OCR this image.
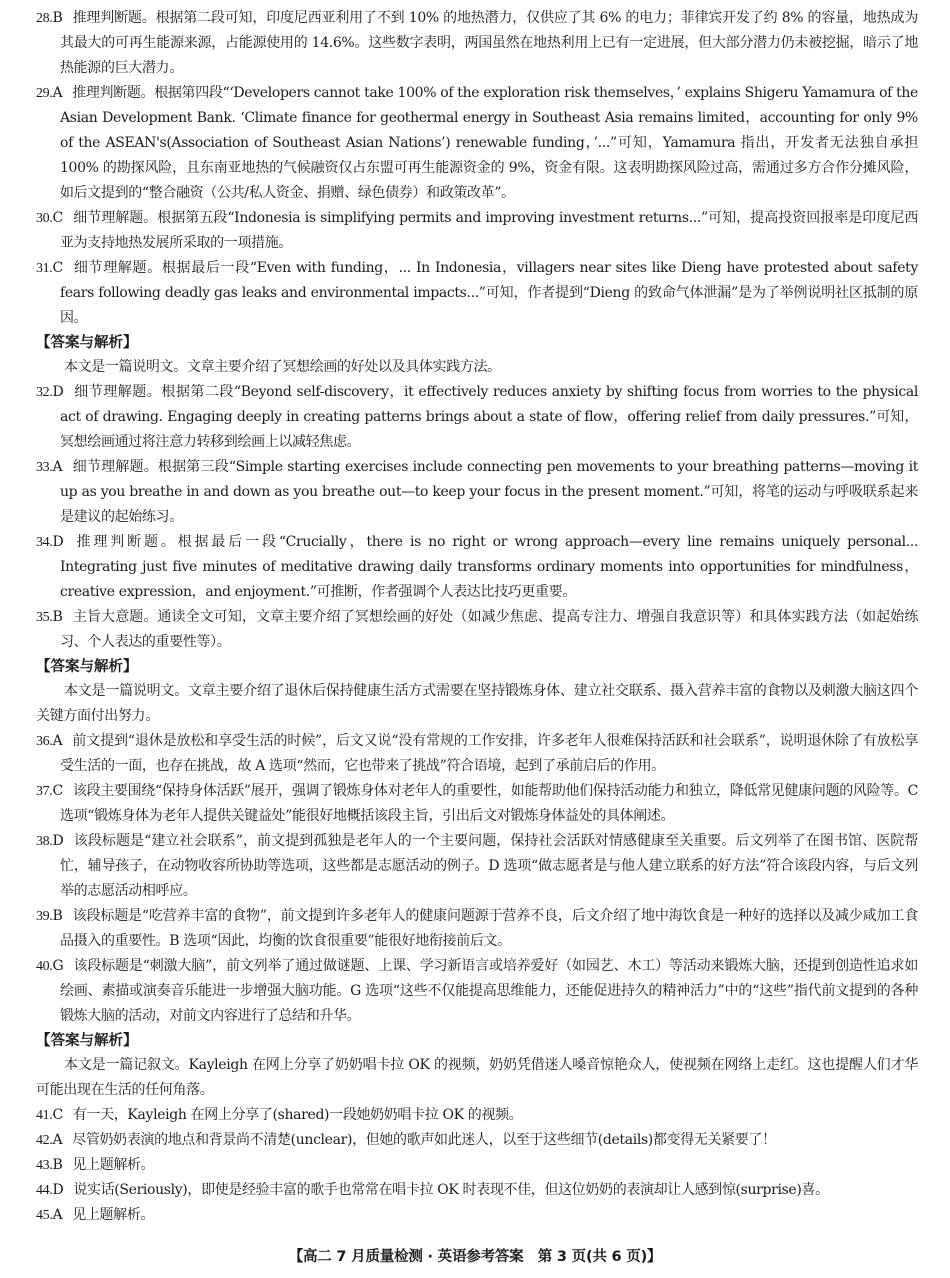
28.B 推理判断题。根据第二段可知，印度尼西亚利用了不到 10% 的地热潜力，仅供应了其 6% 的电力；菲律宾开发了约 8% 的容量，地热成为其最大的可再生能源来源，占能源使用的 14.6%。这些数字表明，两国虽然在地热利用上已有一定进展，但大部分潜力仍未被挖掘，暗示了地热能源的巨大潜力。

29.A 推理判断题。根据第四段“‘Developers cannot take 100% of the exploration risk themselves，’ explains Shigeru Yamamura of the Asian Development Bank. ‘Climate finance for geothermal energy in Southeast Asia remains limited，accounting for only 9% of the ASEAN's(Association of Southeast Asian Nations’) renewable funding，’...”可知，Yamamura 指出，开发者无法独自承担 100% 的勘探风险，且东南亚地热的气候融资仅占东盟可再生能源资金的 9%，资金有限。这表明勘探风险过高，需通过多方合作分摊风险，如后文提到的“整合融资（公共/私人资金、捐赠、绿色债券）和政策改革”。

30.C 细节理解题。根据第五段“Indonesia is simplifying permits and improving investment returns...”可知，提高投资回报率是印度尼西亚为支持地热发展所采取的一项措施。

31.C 细节理解题。根据最后一段“Even with funding，... In Indonesia，villagers near sites like Dieng have protested about safety fears following deadly gas leaks and environmental impacts...”可知，作者提到“Dieng 的致命气体泄漏”是为了举例说明社区抵制的原因。

【答案与解析】

本文是一篇说明文。文章主要介绍了冥想绘画的好处以及具体实践方法。

32.D 细节理解题。根据第二段“Beyond self-discovery，it effectively reduces anxiety by shifting focus from worries to the physical act of drawing. Engaging deeply in creating patterns brings about a state of flow，offering relief from daily pressures.”可知，冥想绘画通过将注意力转移到绘画上以减轻焦虑。

33.A 细节理解题。根据第三段“Simple starting exercises include connecting pen movements to your breathing patterns—moving it up as you breathe in and down as you breathe out—to keep your focus in the present moment.”可知，将笔的运动与呼吸联系起来是建议的起始练习。

34.D 推理判断题。根据最后一段“Crucially，there is no right or wrong approach—every line remains uniquely personal... Integrating just five minutes of meditative drawing daily transforms ordinary moments into opportunities for mindfulness，creative expression，and enjoyment.”可推断，作者强调个人表达比技巧更重要。

35.B 主旨大意题。通读全文可知，文章主要介绍了冥想绘画的好处（如减少焦虑、提高专注力、增强自我意识等）和具体实践方法（如起始练习、个人表达的重要性等）。

【答案与解析】

本文是一篇说明文。文章主要介绍了退休后保持健康生活方式需要在坚持锻炼身体、建立社交联系、摄入营养丰富的食物以及刺激大脑这四个关键方面付出努力。

36.A 前文提到“退休是放松和享受生活的时候”，后文又说“没有常规的工作安排，许多老年人很难保持活跃和社会联系”，说明退休除了有放松享受生活的一面，也存在挑战，故 A 选项“然而，它也带来了挑战”符合语境，起到了承前启后的作用。

37.C 该段主要围绕“保持身体活跃”展开，强调了锻炼身体对老年人的重要性，如能帮助他们保持活动能力和独立，降低常见健康问题的风险等。C 选项“锻炼身体为老年人提供关键益处”能很好地概括该段主旨，引出后文对锻炼身体益处的具体阐述。

38.D 该段标题是“建立社会联系”，前文提到孤独是老年人的一个主要问题，保持社会活跃对情感健康至关重要。后文列举了在图书馆、医院帮忙，辅导孩子，在动物收容所协助等选项，这些都是志愿活动的例子。D 选项“做志愿者是与他人建立联系的好方法”符合该段内容，与后文列举的志愿活动相呼应。

39.B 该段标题是“吃营养丰富的食物”，前文提到许多老年人的健康问题源于营养不良，后文介绍了地中海饮食是一种好的选择以及减少咸加工食品摄入的重要性。B 选项“因此，均衡的饮食很重要”能很好地衔接前后文。

40.G 该段标题是“刺激大脑”，前文列举了通过做谜题、上课、学习新语言或培养爱好（如园艺、木工）等活动来锻炼大脑，还提到创造性追求如绘画、素描或演奏音乐能进一步增强大脑功能。G 选项“这些不仅能提高思维能力，还能促进持久的精神活力”中的“这些”指代前文提到的各种锻炼大脑的活动，对前文内容进行了总结和升华。

【答案与解析】

本文是一篇记叙文。Kayleigh 在网上分享了奶奶唱卡拉 OK 的视频，奶奶凭借迷人嗓音惊艳众人，使视频在网络上走红。这也提醒人们才华可能出现在生活的任何角落。

41.C 有一天，Kayleigh 在网上分享了(shared)一段她奶奶唱卡拉 OK 的视频。

42.A 尽管奶奶表演的地点和背景尚不清楚(unclear)，但她的歌声如此迷人，以至于这些细节(details)都变得无关紧要了！

43.B 见上题解析。

44.D 说实话(Seriously)，即使是经验丰富的歌手也常常在唱卡拉 OK 时表现不佳，但这位奶奶的表演却让人感到惊(surprise)喜。

45.A 见上题解析。

【高二 7 月质量检测 · 英语参考答案　第 3 页(共 6 页)】
